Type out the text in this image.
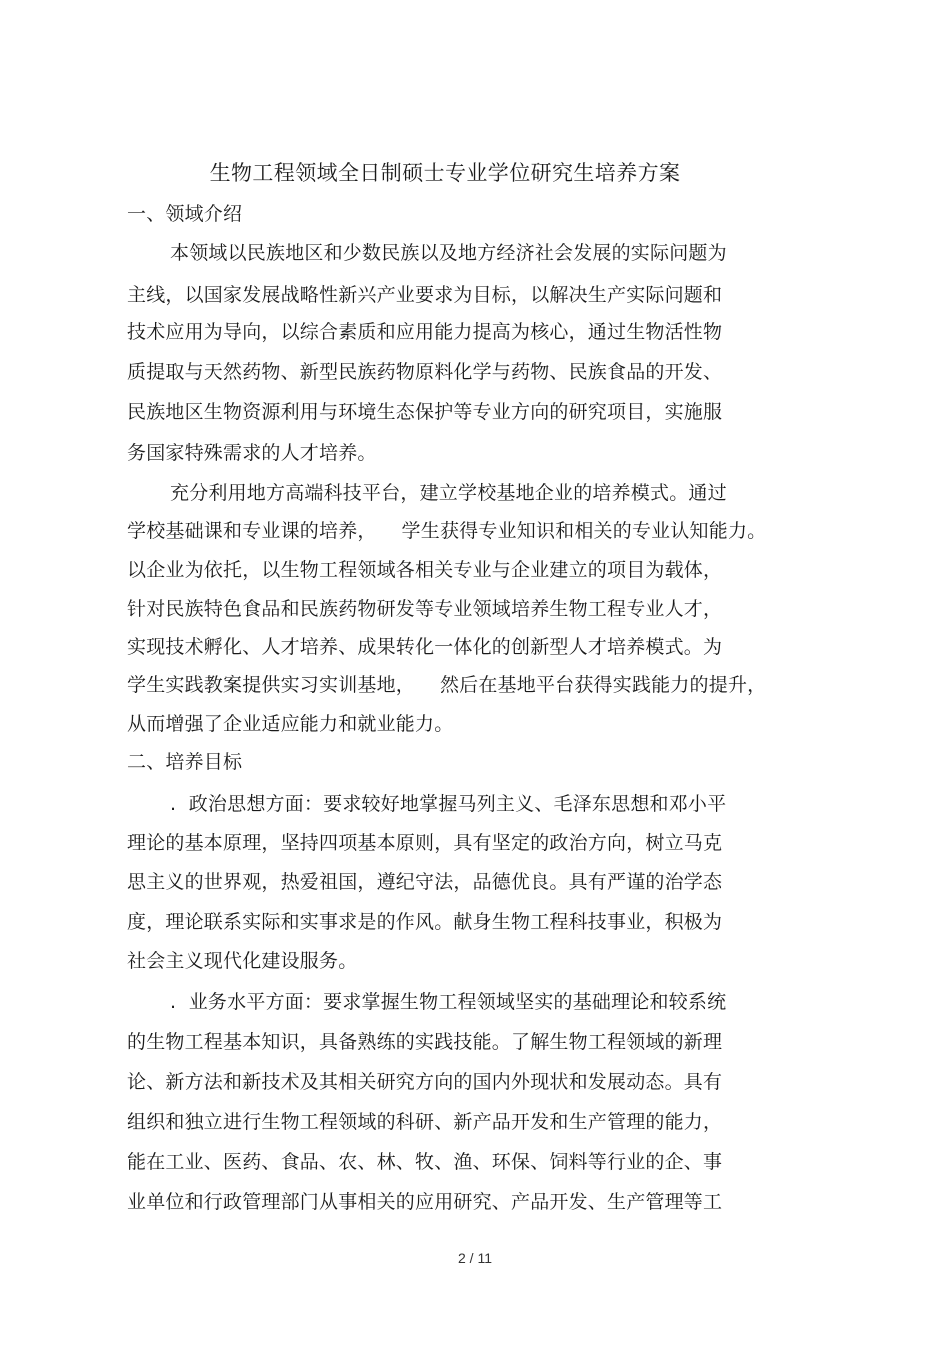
生物工程领域全日制硕士专业学位研究生培养方案
一、领域介绍
本领域以民族地区和少数民族以及地方经济社会发展的实际问题为
主线，以国家发展战略性新兴产业要求为目标，以解决生产实际问题和
技术应用为导向，以综合素质和应用能力提高为核心，通过生物活性物
质提取与天然药物、新型民族药物原料化学与药物、民族食品的开发、
民族地区生物资源利用与环境生态保护等专业方向的研究项目，实施服
务国家特殊需求的人才培养。
充分利用地方高端科技平台，建立学校基地企业的培养模式。通过
学校基础课和专业课的培养，    学生获得专业知识和相关的专业认知能力。
以企业为依托，以生物工程领域各相关专业与企业建立的项目为载体，
针对民族特色食品和民族药物研发等专业领域培养生物工程专业人才，
实现技术孵化、人才培养、成果转化一体化的创新型人才培养模式。为
学生实践教案提供实习实训基地，    然后在基地平台获得实践能力的提升，
从而增强了企业适应能力和就业能力。
二、培养目标
.  政治思想方面：要求较好地掌握马列主义、毛泽东思想和邓小平
理论的基本原理，坚持四项基本原则，具有坚定的政治方向，树立马克
思主义的世界观，热爱祖国，遵纪守法，品德优良。具有严谨的治学态
度，理论联系实际和实事求是的作风。献身生物工程科技事业，积极为
社会主义现代化建设服务。
.  业务水平方面：要求掌握生物工程领域坚实的基础理论和较系统
的生物工程基本知识，具备熟练的实践技能。了解生物工程领域的新理
论、新方法和新技术及其相关研究方向的国内外现状和发展动态。具有
组织和独立进行生物工程领域的科研、新产品开发和生产管理的能力，
能在工业、医药、食品、农、林、牧、渔、环保、饲料等行业的企、事
业单位和行政管理部门从事相关的应用研究、产品开发、生产管理等工
2 / 11
